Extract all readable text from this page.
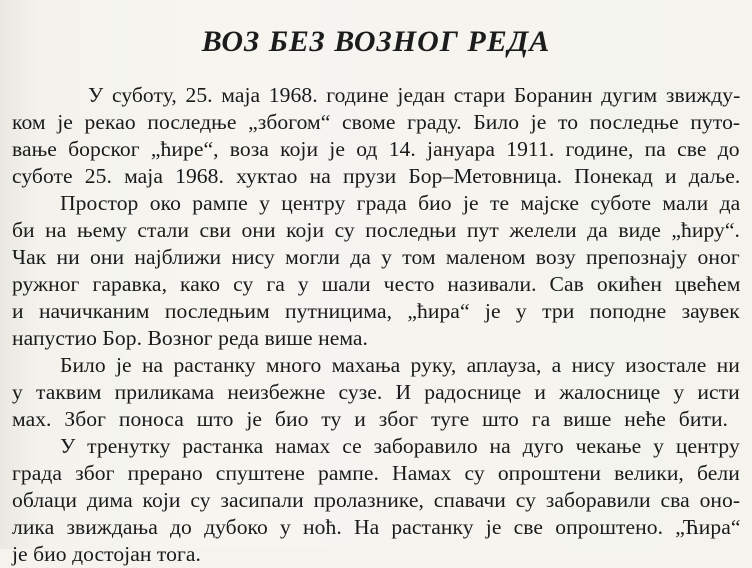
ВОЗ БЕЗ ВОЗНОГ РЕДА
У суботу, 25. маја 1968. године један стари Боранин дугим звижду-
ком је рекао последње „збогом“ своме граду. Било је то последње путо-
вање борског „ћире“, воза који је од 14. јануара 1911. године, па све до
суботе 25. маја 1968. хуктао на прузи Бор–Метовница. Понекад и даље.
Простор око рампе у центру града био је те мајске суботе мали да
би на њему стали сви они који су последњи пут желели да виде „ћиру“.
Чак ни они најближи нису могли да у том маленом возу препознају оног
ружног гаравка, како су га у шали често називали. Сав окићен цвећем
и начичканим последњим путницима, „ћира“ је у три поподне заувек
напустио Бор. Возног реда више нема.
Било је на растанку много махања руку, аплауза, а нису изостале ни
у таквим приликама неизбежне сузе. И радоснице и жалоснице у исти
мах. Због поноса што је био ту и због туге што га више неће бити.
У тренутку растанка намах се заборавило на дуго чекање у центру
града због прерано спуштене рампе. Намах су опроштени велики, бели
облаци дима који су засипали пролазнике, спавачи су заборавили сва оно-
лика звиждања до дубоко у ноћ. На растанку је све опроштено. „Ћира“
је био достојан тога.
